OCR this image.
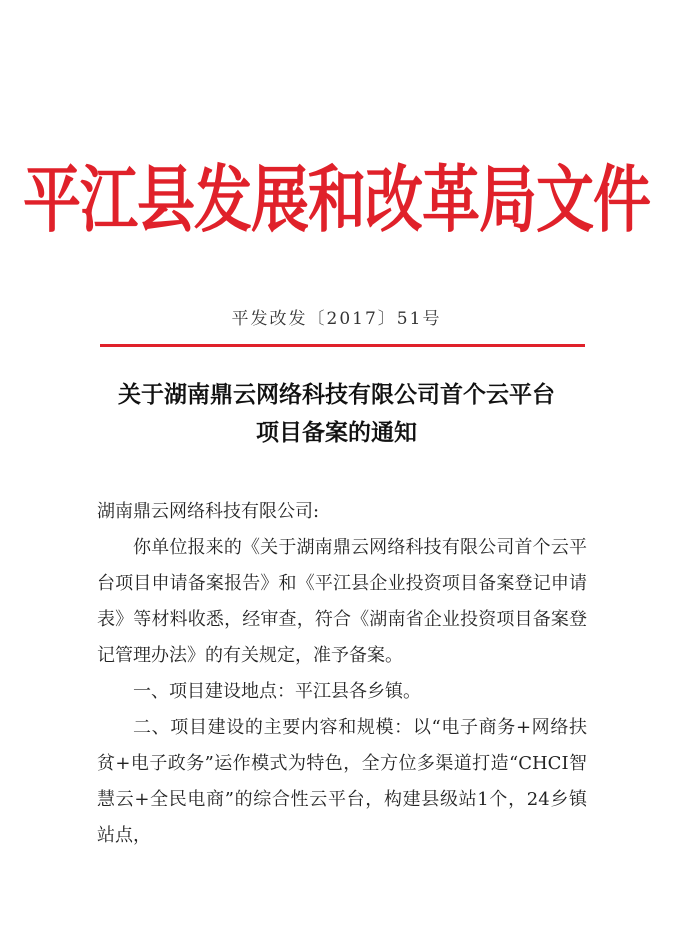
平江县发展和改革局文件
平发改发〔2017〕51号
关于湖南鼎云网络科技有限公司首个云平台
项目备案的通知

湖南鼎云网络科技有限公司:

你单位报来的《关于湖南鼎云网络科技有限公司首个云平台项目申请备案报告》和《平江县企业投资项目备案登记申请表》等材料收悉，经审查，符合《湖南省企业投资项目备案登记管理办法》的有关规定，准予备案。

一、项目建设地点：平江县各乡镇。

二、项目建设的主要内容和规模：以“电子商务+网络扶贫+电子政务”运作模式为特色，全方位多渠道打造“CHCI智慧云+全民电商”的综合性云平台，构建县级站1个，24乡镇站点，
